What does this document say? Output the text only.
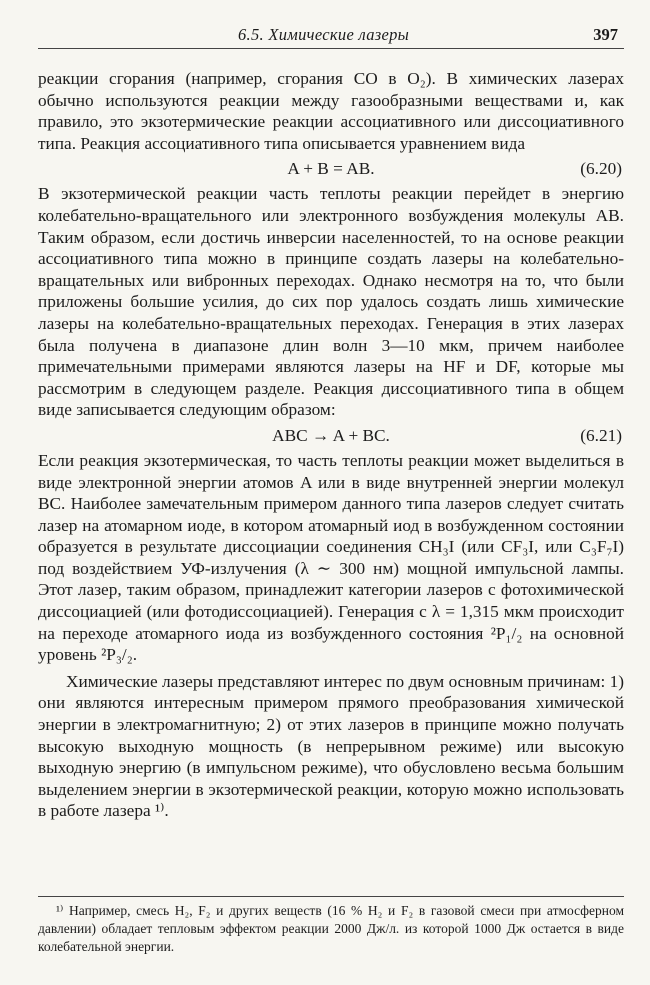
6.5. Химические лазеры	397

реакции сгорания (например, сгорания CO в O₂). В химических лазерах обычно используются реакции между газообразными веществами и, как правило, это экзотермические реакции ассоциативного или диссоциативного типа. Реакция ассоциативного типа описывается уравнением вида

A + B = AB.	(6.20)

В экзотермической реакции часть теплоты реакции перейдет в энергию колебательно-вращательного или электронного возбуждения молекулы AB. Таким образом, если достичь инверсии населенностей, то на основе реакции ассоциативного типа можно в принципе создать лазеры на колебательно-вращательных или вибронных переходах. Однако несмотря на то, что были приложены большие усилия, до сих пор удалось создать лишь химические лазеры на колебательно-вращательных переходах. Генерация в этих лазерах была получена в диапазоне длин волн 3—10 мкм, причем наиболее примечательными примерами являются лазеры на HF и DF, которые мы рассмотрим в следующем разделе. Реакция диссоциативного типа в общем виде записывается следующим образом:

ABC → A + BC.	(6.21)

Если реакция экзотермическая, то часть теплоты реакции может выделиться в виде электронной энергии атомов A или в виде внутренней энергии молекул BC. Наиболее замечательным примером данного типа лазеров следует считать лазер на атомарном иоде, в котором атомарный иод в возбужденном состоянии образуется в результате диссоциации соединения CH₃I (или CF₃I, или C₃F₇I) под воздействием УФ-излучения (λ ∼ 300 нм) мощной импульсной лампы. Этот лазер, таким образом, принадлежит категории лазеров с фотохимической диссоциацией (или фотодиссоциацией). Генерация с λ = 1,315 мкм происходит на переходе атомарного иода из возбужденного состояния ²P₁/₂ на основной уровень ²P₃/₂.

Химические лазеры представляют интерес по двум основным причинам: 1) они являются интересным примером прямого преобразования химической энергии в электромагнитную; 2) от этих лазеров в принципе можно получать высокую выходную мощность (в непрерывном режиме) или высокую выходную энергию (в импульсном режиме), что обусловлено весьма большим выделением энергии в экзотермической реакции, которую можно использовать в работе лазера ¹⁾.

¹⁾ Например, смесь H₂, F₂ и других веществ (16 % H₂ и F₂ в газовой смеси при атмосферном давлении) обладает тепловым эффектом реакции 2000 Дж/л. из которой 1000 Дж остается в виде колебательной энергии.
